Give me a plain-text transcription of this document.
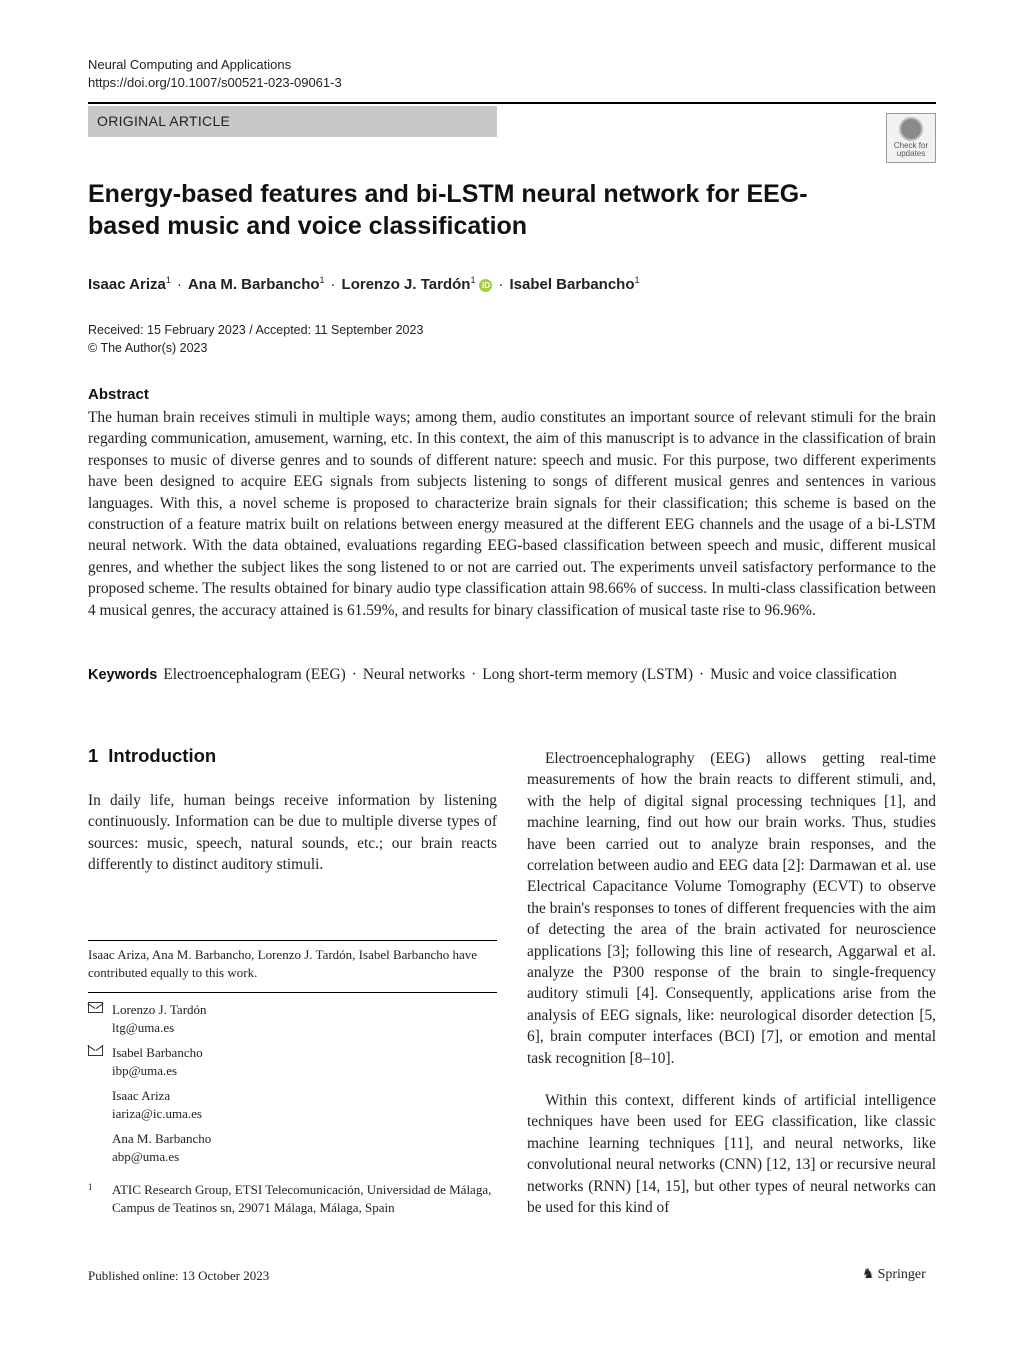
Neural Computing and Applications
https://doi.org/10.1007/s00521-023-09061-3
ORIGINAL ARTICLE
Check for
updates
Energy-based features and bi-LSTM neural network for EEG-based music and voice classification
Isaac Ariza$^1$ · Ana M. Barbancho$^1$ · Lorenzo J. Tardón$^1$iD · Isabel Barbancho$^1$
Received: 15 February 2023 / Accepted: 11 September 2023
© The Author(s) 2023
Abstract

The human brain receives stimuli in multiple ways; among them, audio constitutes an important source of relevant stimuli for the brain regarding communication, amusement, warning, etc. In this context, the aim of this manuscript is to advance in the classification of brain responses to music of diverse genres and to sounds of different nature: speech and music. For this purpose, two different experiments have been designed to acquire EEG signals from subjects listening to songs of different musical genres and sentences in various languages. With this, a novel scheme is proposed to characterize brain signals for their classification; this scheme is based on the construction of a feature matrix built on relations between energy measured at the different EEG channels and the usage of a bi-LSTM neural network. With the data obtained, evaluations regarding EEG-based classification between speech and music, different musical genres, and whether the subject likes the song listened to or not are carried out. The experiments unveil satisfactory performance to the proposed scheme. The results obtained for binary audio type classification attain 98.66% of success. In multi-class classification between 4 musical genres, the accuracy attained is 61.59%, and results for binary classification of musical taste rise to 96.96%.

Keywords Electroencephalogram (EEG) · Neural networks · Long short-term memory (LSTM) · Music and voice classification

1 Introduction

In daily life, human beings receive information by listening continuously. Information can be due to multiple diverse types of sources: music, speech, natural sounds, etc.; our brain reacts differently to distinct auditory stimuli.

Electroencephalography (EEG) allows getting real-time measurements of how the brain reacts to different stimuli, and, with the help of digital signal processing techniques [1], and machine learning, find out how our brain works. Thus, studies have been carried out to analyze brain responses, and the correlation between audio and EEG data [2]: Darmawan et al. use Electrical Capacitance Volume Tomography (ECVT) to observe the brain's responses to tones of different frequencies with the aim of detecting the area of the brain activated for neuroscience applications [3]; following this line of research, Aggarwal et al. analyze the P300 response of the brain to single-frequency auditory stimuli [4]. Consequently, applications arise from the analysis of EEG signals, like: neurological disorder detection [5, 6], brain computer interfaces (BCI) [7], or emotion and mental task recognition [8–10].

Within this context, different kinds of artificial intelligence techniques have been used for EEG classification, like classic machine learning techniques [11], and neural networks, like convolutional neural networks (CNN) [12, 13] or recursive neural networks (RNN) [14, 15], but other types of neural networks can be used for this kind of

Isaac Ariza, Ana M. Barbancho, Lorenzo J. Tardón, Isabel Barbancho have contributed equally to this work.
Lorenzo J. Tardón
ltg@uma.es
Isabel Barbancho
ibp@uma.es
Isaac Ariza
iariza@ic.uma.es
Ana M. Barbancho
abp@uma.es
1 ATIC Research Group, ETSI Telecomunicación, Universidad de Málaga, Campus de Teatinos sn, 29071 Málaga, Málaga, Spain
Published online: 13 October 2023	♞ Springer
